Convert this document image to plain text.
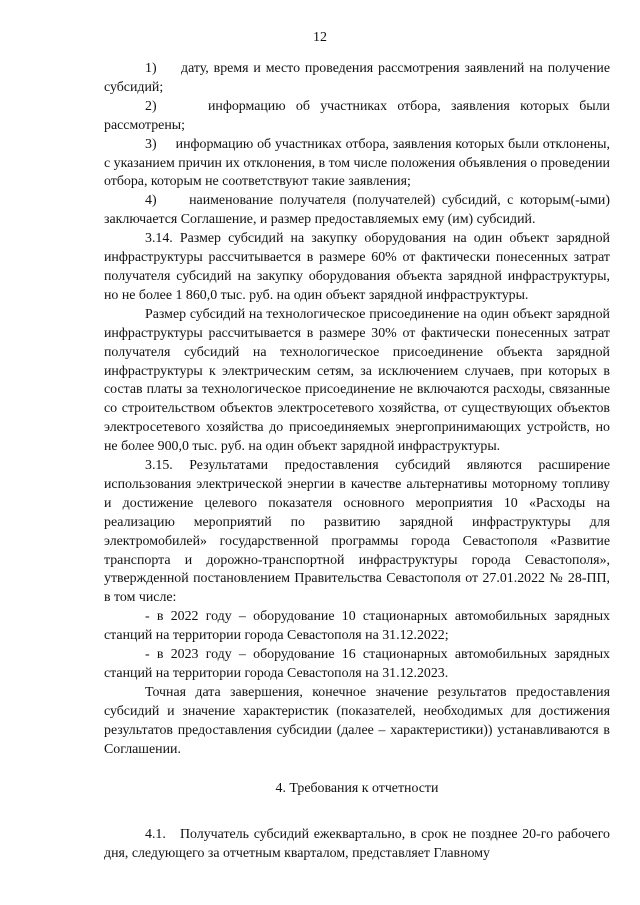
12

1)     дату, время и место проведения рассмотрения заявлений на получение субсидий;

2)     информацию об участниках отбора, заявления которых были рассмотрены;

3)     информацию об участниках отбора, заявления которых были отклонены, с указанием причин их отклонения, в том числе положения объявления о проведении отбора, которым не соответствуют такие заявления;

4)     наименование получателя (получателей) субсидий, с которым(-ыми) заключается Соглашение, и размер предоставляемых ему (им) субсидий.

3.14. Размер субсидий на закупку оборудования на один объект зарядной инфраструктуры рассчитывается в размере 60% от фактически понесенных затрат получателя субсидий на закупку оборудования объекта зарядной инфраструктуры, но не более 1 860,0 тыс. руб. на один объект зарядной инфраструктуры.

Размер субсидий на технологическое присоединение на один объект зарядной инфраструктуры рассчитывается в размере 30% от фактически понесенных затрат получателя субсидий на технологическое присоединение объекта зарядной инфраструктуры к электрическим сетям, за исключением случаев, при которых в состав платы за технологическое присоединение не включаются расходы, связанные со строительством объектов электросетевого хозяйства, от существующих объектов электросетевого хозяйства до присоединяемых энергопринимающих устройств, но не более 900,0 тыс. руб. на один объект зарядной инфраструктуры.

3.15. Результатами предоставления субсидий являются расширение использования электрической энергии в качестве альтернативы моторному топливу и достижение целевого показателя основного мероприятия 10 «Расходы на реализацию мероприятий по развитию зарядной инфраструктуры для электромобилей» государственной программы города Севастополя «Развитие транспорта и дорожно-транспортной инфраструктуры города Севастополя», утвержденной постановлением Правительства Севастополя от 27.01.2022 № 28-ПП, в том числе:

- в 2022 году – оборудование 10 стационарных автомобильных зарядных станций на территории города Севастополя на 31.12.2022;

- в 2023 году – оборудование 16 стационарных автомобильных зарядных станций на территории города Севастополя на 31.12.2023.

Точная дата завершения, конечное значение результатов предоставления субсидий и значение характеристик (показателей, необходимых для достижения результатов предоставления субсидии (далее – характеристики)) устанавливаются в Соглашении.

4. Требования к отчетности

4.1.   Получатель субсидий ежеквартально, в срок не позднее 20-го рабочего дня, следующего за отчетным кварталом, представляет Главному
